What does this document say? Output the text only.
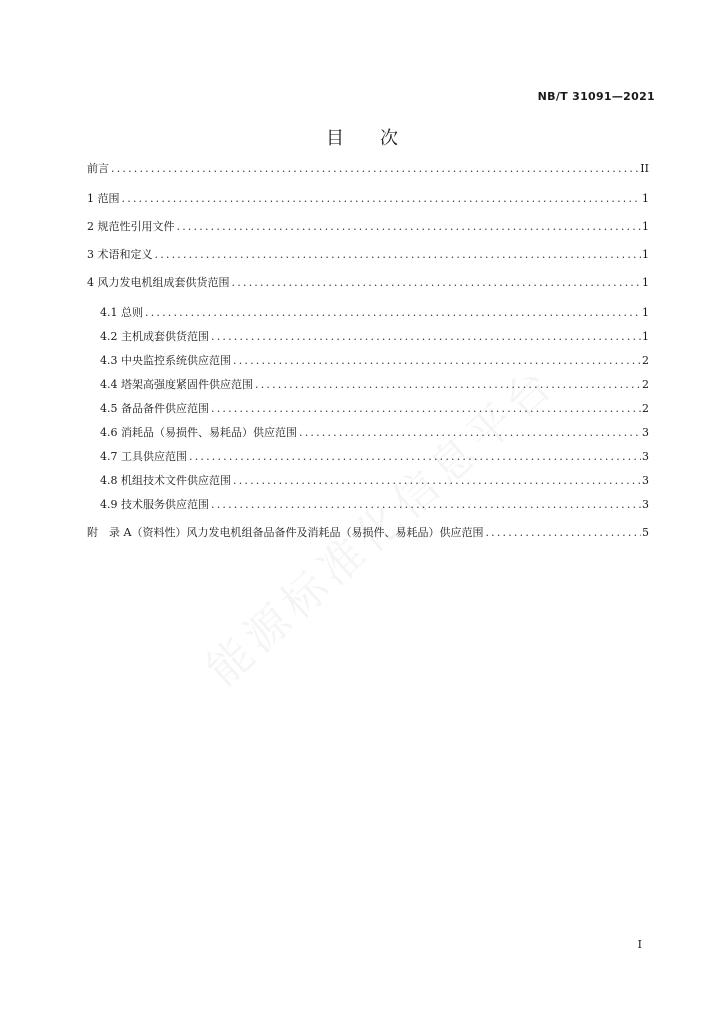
NB/T 31091—2021
目次
前言 .....	II
1 范围 .....	1
2 规范性引用文件 .....	1
3 术语和定义 .....	1
4 风力发电机组成套供货范围 .....	1
4.1 总则 .....	1
4.2 主机成套供货范围 .....	1
4.3 中央监控系统供应范围 .....	2
4.4 塔架高强度紧固件供应范围 .....	2
4.5 备品备件供应范围 .....	2
4.6 消耗品（易损件、易耗品）供应范围 .....	3
4.7 工具供应范围 .....	3
4.8 机组技术文件供应范围 .....	3
4.9 技术服务供应范围 .....	3
附　录 A（资料性）风力发电机组备品备件及消耗品（易损件、易耗品）供应范围 .....	5
I
